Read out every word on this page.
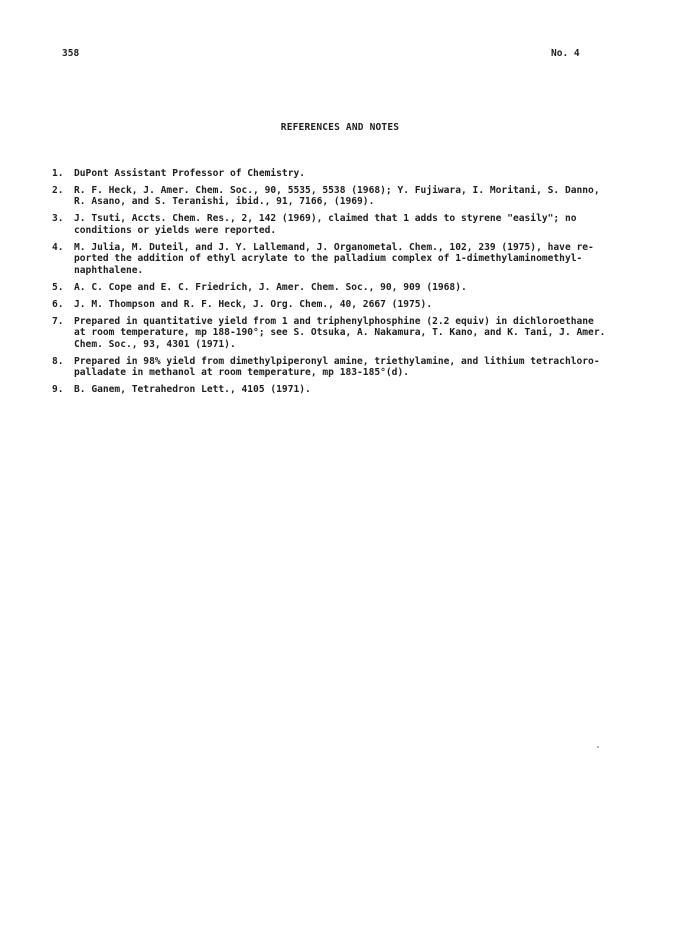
358	No. 4
REFERENCES AND NOTES
1.	DuPont Assistant Professor of Chemistry.
2.	R. F. Heck, J. Amer. Chem. Soc., 90, 5535, 5538 (1968); Y. Fujiwara, I. Moritani, S. Danno,
R. Asano, and S. Teranishi, ibid., 91, 7166, (1969).
3.	J. Tsuti, Accts. Chem. Res., 2, 142 (1969), claimed that 1 adds to styrene "easily"; no
conditions or yields were reported.
4.	M. Julia, M. Duteil, and J. Y. Lallemand, J. Organometal. Chem., 102, 239 (1975), have re-
ported the addition of ethyl acrylate to the palladium complex of 1-dimethylaminomethyl-
naphthalene.
5.	A. C. Cope and E. C. Friedrich, J. Amer. Chem. Soc., 90, 909 (1968).
6.	J. M. Thompson and R. F. Heck, J. Org. Chem., 40, 2667 (1975).
7.	Prepared in quantitative yield from 1 and triphenylphosphine (2.2 equiv) in dichloroethane
at room temperature, mp 188-190°; see S. Otsuka, A. Nakamura, T. Kano, and K. Tani, J. Amer.
Chem. Soc., 93, 4301 (1971).
8.	Prepared in 98% yield from dimethylpiperonyl amine, triethylamine, and lithium tetrachloro-
palladate in methanol at room temperature, mp 183-185°(d).
9.	B. Ganem, Tetrahedron Lett., 4105 (1971).
